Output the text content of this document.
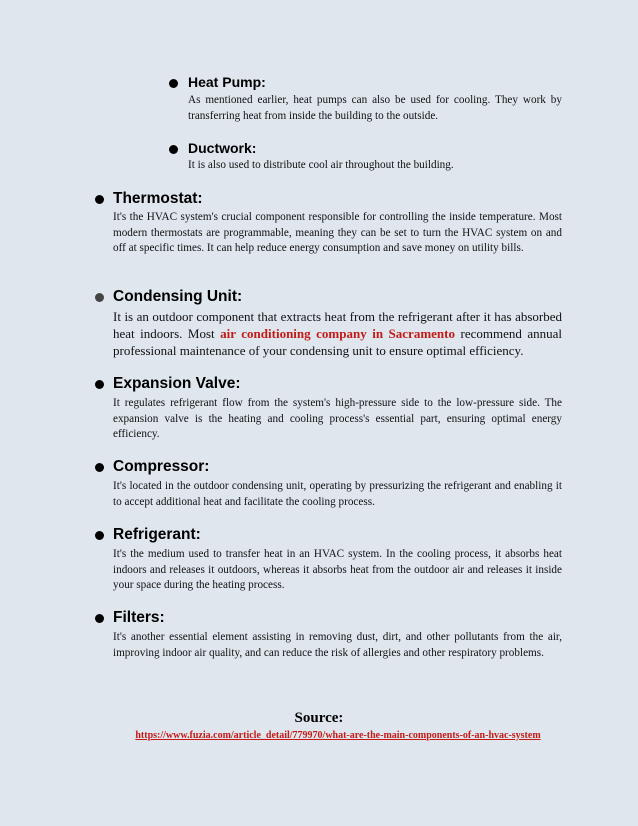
Heat Pump:
As mentioned earlier, heat pumps can also be used for cooling. They work by transferring heat from inside the building to the outside.
Ductwork:
It is also used to distribute cool air throughout the building.
Thermostat:
It's the HVAC system's crucial component responsible for controlling the inside temperature. Most modern thermostats are programmable, meaning they can be set to turn the HVAC system on and off at specific times. It can help reduce energy consumption and save money on utility bills.
Condensing Unit:
It is an outdoor component that extracts heat from the refrigerant after it has absorbed heat indoors. Most air conditioning company in Sacramento recommend annual professional maintenance of your condensing unit to ensure optimal efficiency.
Expansion Valve:
It regulates refrigerant flow from the system's high-pressure side to the low-pressure side. The expansion valve is the heating and cooling process's essential part, ensuring optimal energy efficiency.
Compressor:
It's located in the outdoor condensing unit, operating by pressurizing the refrigerant and enabling it to accept additional heat and facilitate the cooling process.
Refrigerant:
It's the medium used to transfer heat in an HVAC system. In the cooling process, it absorbs heat indoors and releases it outdoors, whereas it absorbs heat from the outdoor air and releases it inside your space during the heating process.
Filters:
It's another essential element assisting in removing dust, dirt, and other pollutants from the air, improving indoor air quality, and can reduce the risk of allergies and other respiratory problems.
Source:
https://www.fuzia.com/article_detail/779970/what-are-the-main-components-of-an-hvac-system
